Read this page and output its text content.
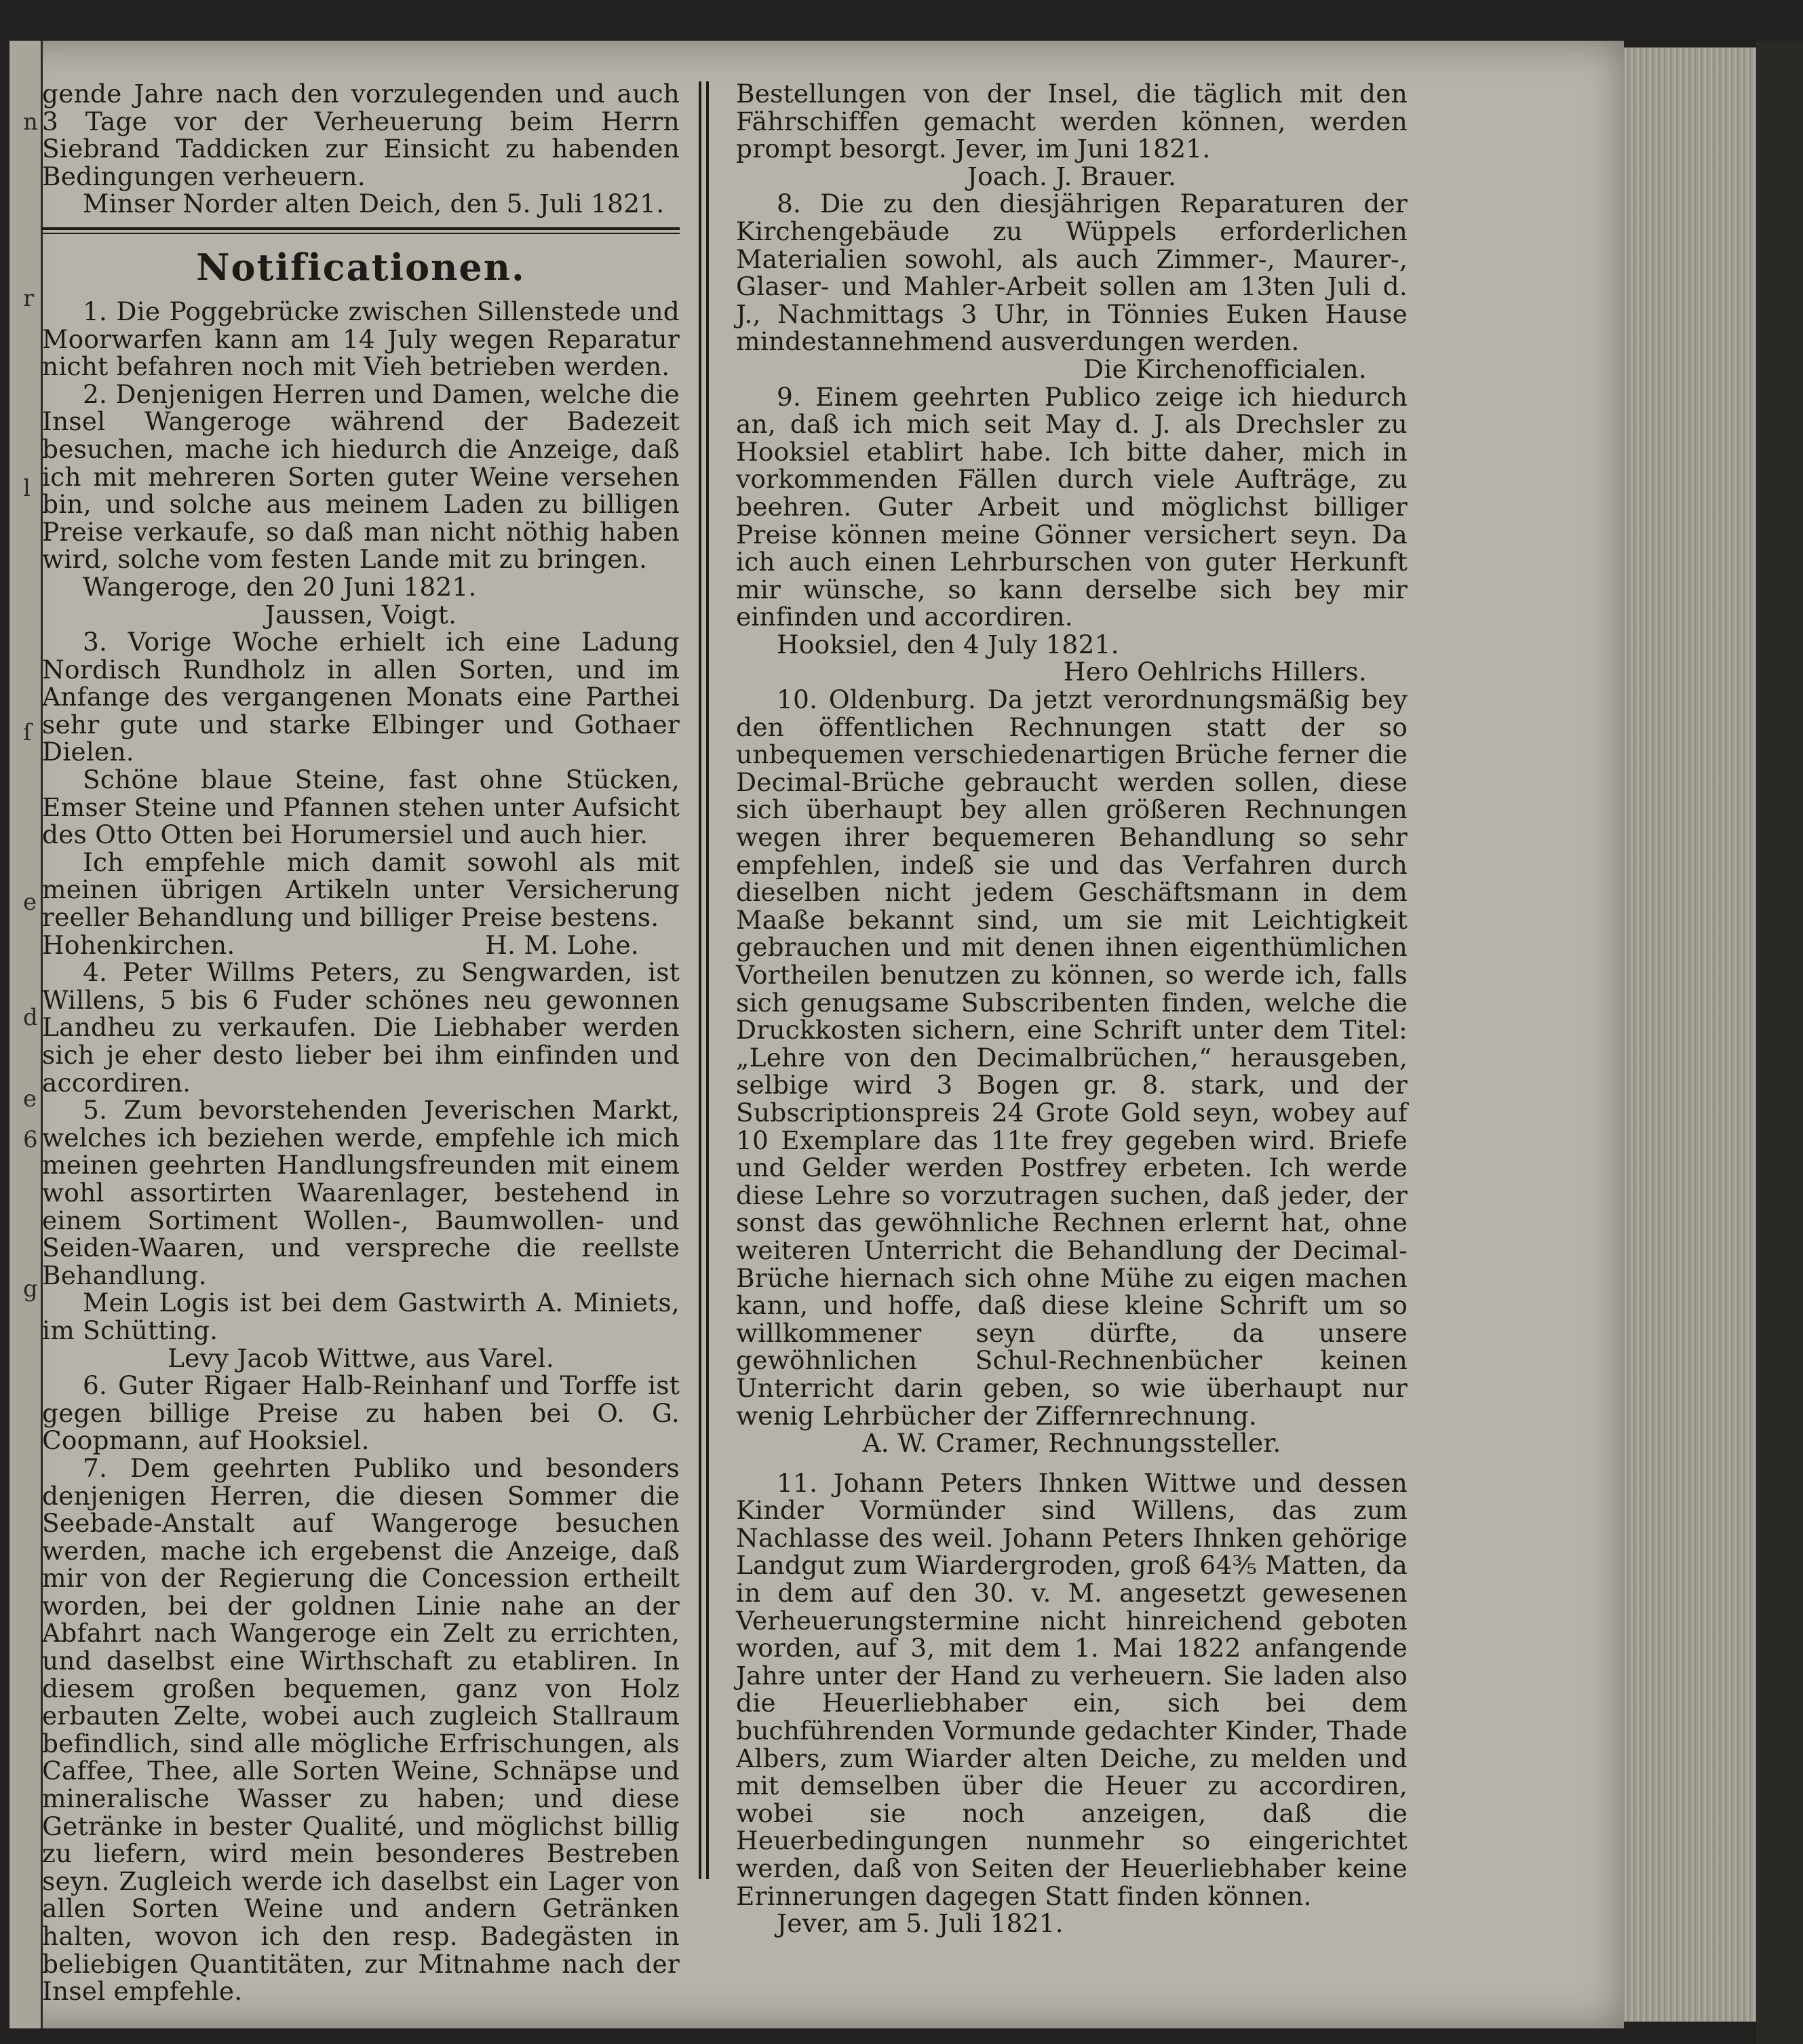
n
r
l
ſ
e
d
e
g
6

gende Jahre nach den vorzulegenden und auch 3 Tage vor der Verheuerung beim Herrn Siebrand Taddicken zur Einsicht zu habenden Bedingungen verheuern.

Minser Norder alten Deich, den 5. Juli 1821.

Notificationen.

1. Die Poggebrücke zwischen Sillenstede und Moorwarfen kann am 14 July wegen Reparatur nicht befahren noch mit Vieh betrieben werden.

2. Denjenigen Herren und Damen, welche die Insel Wangeroge während der Badezeit besuchen, mache ich hiedurch die Anzeige, daß ich mit mehreren Sorten guter Weine versehen bin, und solche aus meinem Laden zu billigen Preise verkaufe, so daß man nicht nöthig haben wird, solche vom festen Lande mit zu bringen.

Wangeroge, den 20 Juni 1821.

Jaussen, Voigt.

3. Vorige Woche erhielt ich eine Ladung Nordisch Rundholz in allen Sorten, und im Anfange des vergangenen Monats eine Parthei sehr gute und starke Elbinger und Gothaer Dielen.

Schöne blaue Steine, fast ohne Stücken, Emser Steine und Pfannen stehen unter Aufsicht des Otto Otten bei Horumersiel und auch hier.

Ich empfehle mich damit sowohl als mit meinen übrigen Artikeln unter Versicherung reeller Behandlung und billiger Preise bestens.

Hohenkirchen.	H. M. Lohe.

4. Peter Willms Peters, zu Sengwarden, ist Willens, 5 bis 6 Fuder schönes neu gewonnen Landheu zu verkaufen. Die Liebhaber werden sich je eher desto lieber bei ihm einfinden und accordiren.

5. Zum bevorstehenden Jeverischen Markt, welches ich beziehen werde, empfehle ich mich meinen geehrten Handlungsfreunden mit einem wohl assortirten Waarenlager, bestehend in einem Sortiment Wollen-, Baumwollen- und Seiden-Waaren, und verspreche die reellste Behandlung.

Mein Logis ist bei dem Gastwirth A. Miniets, im Schütting.

Levy Jacob Wittwe, aus Varel.

6. Guter Rigaer Halb-Reinhanf und Torffe ist gegen billige Preise zu haben bei O. G. Coopmann, auf Hooksiel.

7. Dem geehrten Publiko und besonders denjenigen Herren, die diesen Sommer die Seebade-Anstalt auf Wangeroge besuchen werden, mache ich ergebenst die Anzeige, daß mir von der Regierung die Concession ertheilt worden, bei der goldnen Linie nahe an der Abfahrt nach Wangeroge ein Zelt zu errichten, und daselbst eine Wirthschaft zu etabliren. In diesem großen bequemen, ganz von Holz erbauten Zelte, wobei auch zugleich Stallraum befindlich, sind alle mögliche Erfrischungen, als Caffee, Thee, alle Sorten Weine, Schnäpse und mineralische Wasser zu haben; und diese Getränke in bester Qualité, und möglichst billig zu liefern, wird mein besonderes Bestreben seyn. Zugleich werde ich daselbst ein Lager von allen Sorten Weine und andern Getränken halten, wovon ich den resp. Badegästen in beliebigen Quantitäten, zur Mitnahme nach der Insel empfehle.

Bestellungen von der Insel, die täglich mit den Fährschiffen gemacht werden können, werden prompt besorgt. Jever, im Juni 1821.

Joach. J. Brauer.

8. Die zu den diesjährigen Reparaturen der Kirchengebäude zu Wüppels erforderlichen Materialien sowohl, als auch Zimmer-, Maurer-, Glaser- und Mahler-Arbeit sollen am 13ten Juli d. J., Nachmittags 3 Uhr, in Tönnies Euken Hause mindestannehmend ausverdungen werden.

Die Kirchenofficialen.

9. Einem geehrten Publico zeige ich hiedurch an, daß ich mich seit May d. J. als Drechsler zu Hooksiel etablirt habe. Ich bitte daher, mich in vorkommenden Fällen durch viele Aufträge, zu beehren. Guter Arbeit und möglichst billiger Preise können meine Gönner versichert seyn. Da ich auch einen Lehrburschen von guter Herkunft mir wünsche, so kann derselbe sich bey mir einfinden und accordiren.

Hooksiel, den 4 July 1821.

Hero Oehlrichs Hillers.

10. Oldenburg. Da jetzt verordnungsmäßig bey den öffentlichen Rechnungen statt der so unbequemen verschiedenartigen Brüche ferner die Decimal-Brüche gebraucht werden sollen, diese sich überhaupt bey allen größeren Rechnungen wegen ihrer bequemeren Behandlung so sehr empfehlen, indeß sie und das Verfahren durch dieselben nicht jedem Geschäftsmann in dem Maaße bekannt sind, um sie mit Leichtigkeit gebrauchen und mit denen ihnen eigenthümlichen Vortheilen benutzen zu können, so werde ich, falls sich genugsame Subscribenten finden, welche die Druckkosten sichern, eine Schrift unter dem Titel: „Lehre von den Decimalbrüchen,“ herausgeben, selbige wird 3 Bogen gr. 8. stark, und der Subscriptionspreis 24 Grote Gold seyn, wobey auf 10 Exemplare das 11te frey gegeben wird. Briefe und Gelder werden Postfrey erbeten. Ich werde diese Lehre so vorzutragen suchen, daß jeder, der sonst das gewöhnliche Rechnen erlernt hat, ohne weiteren Unterricht die Behandlung der Decimal-Brüche hiernach sich ohne Mühe zu eigen machen kann, und hoffe, daß diese kleine Schrift um so willkommener seyn dürfte, da unsere gewöhnlichen Schul-Rechnenbücher keinen Unterricht darin geben, so wie überhaupt nur wenig Lehrbücher der Ziffernrechnung.

A. W. Cramer, Rechnungssteller.

11. Johann Peters Ihnken Wittwe und dessen Kinder Vormünder sind Willens, das zum Nachlasse des weil. Johann Peters Ihnken gehörige Landgut zum Wiardergroden, groß 64⅗ Matten, da in dem auf den 30. v. M. angesetzt gewesenen Verheuerungstermine nicht hinreichend geboten worden, auf 3, mit dem 1. Mai 1822 anfangende Jahre unter der Hand zu verheuern. Sie laden also die Heuerliebhaber ein, sich bei dem buchführenden Vormunde gedachter Kinder, Thade Albers, zum Wiarder alten Deiche, zu melden und mit demselben über die Heuer zu accordiren, wobei sie noch anzeigen, daß die Heuerbedingungen nunmehr so eingerichtet werden, daß von Seiten der Heuerliebhaber keine Erinnerungen dagegen Statt finden können.

Jever, am 5. Juli 1821.
